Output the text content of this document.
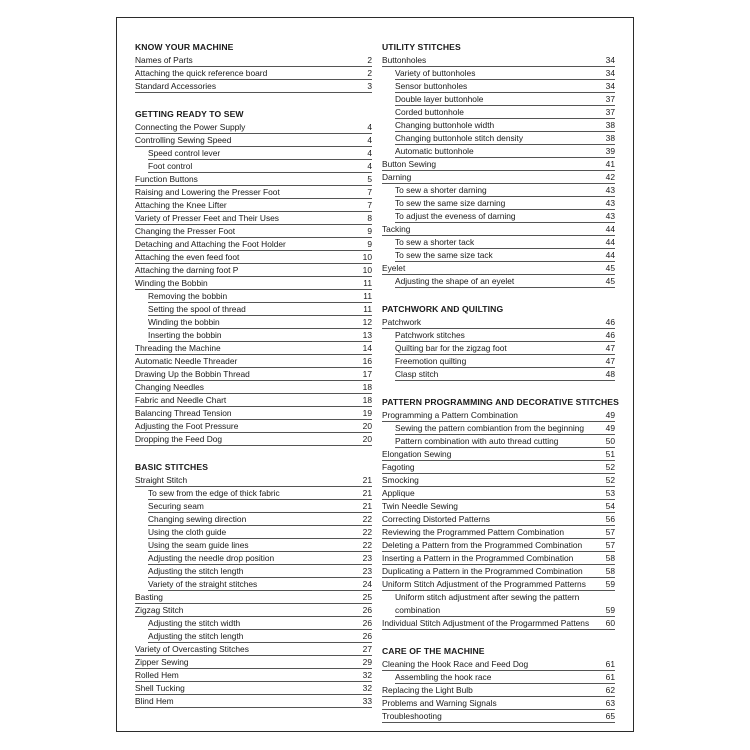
KNOW YOUR MACHINE
Names of Parts	2
Attaching the quick reference board	2
Standard Accessories	3
GETTING READY TO SEW
Connecting the Power Supply	4
Controlling Sewing Speed	4
Speed control lever	4
Foot control	4
Function Buttons	5
Raising and Lowering the Presser Foot	7
Attaching the Knee Lifter	7
Variety of Presser Feet and Their Uses	8
Changing the Presser Foot	9
Detaching and Attaching the Foot Holder	9
Attaching the even feed foot	10
Attaching the darning foot P	10
Winding the Bobbin	11
Removing the bobbin	11
Setting the spool of thread	11
Winding the bobbin	12
Inserting the bobbin	13
Threading the Machine	14
Automatic Needle Threader	16
Drawing Up the Bobbin Thread	17
Changing Needles	18
Fabric and Needle Chart	18
Balancing Thread Tension	19
Adjusting the Foot Pressure	20
Dropping the Feed Dog	20
BASIC STITCHES
Straight Stitch	21
To sew from the edge of thick fabric	21
Securing seam	21
Changing sewing direction	22
Using the cloth guide	22
Using the seam guide lines	22
Adjusting the needle drop position	23
Adjusting the stitch length	23
Variety of the straight stitches	24
Basting	25
Zigzag Stitch	26
Adjusting the stitch width	26
Adjusting the stitch length	26
Variety of Overcasting Stitches	27
Zipper Sewing	29
Rolled Hem	32
Shell Tucking	32
Blind Hem	33
UTILITY STITCHES
Buttonholes	34
Variety of buttonholes	34
Sensor buttonholes	34
Double layer buttonhole	37
Corded buttonhole	37
Changing buttonhole width	38
Changing buttonhole stitch density	38
Automatic buttonhole	39
Button Sewing	41
Darning	42
To sew a shorter darning	43
To sew the same size darning	43
To adjust the eveness of darning	43
Tacking	44
To sew a shorter tack	44
To sew the same size tack	44
Eyelet	45
Adjusting the shape of an eyelet	45
PATCHWORK AND QUILTING
Patchwork	46
Patchwork stitches	46
Quilting bar for the zigzag foot	47
Freemotion quilting	47
Clasp stitch	48
PATTERN PROGRAMMING AND DECORATIVE STITCHES
Programming a Pattern Combination	49
Sewing the pattern combiantion from the beginning	49
Pattern combination with auto thread cutting	50
Elongation Sewing	51
Fagoting	52
Smocking	52
Applique	53
Twin Needle Sewing	54
Correcting Distorted Patterns	56
Reviewing the Programmed Pattern Combination	57
Deleting a Pattern from the Programmed Combination	57
Inserting a Pattern in the Programmed Combination	58
Duplicating a Pattern in the Programmed Combination	58
Uniform Stitch Adjustment of the Programmed Patterns 59
Uniform stitch adjustment after sewing the pattern
combination	59
Individual Stitch Adjustment of the Progarmmed Pattens 60
CARE OF THE MACHINE
Cleaning the Hook Race and Feed Dog	61
Assembling the hook race	61
Replacing the Light Bulb	62
Problems and Warning Signals	63
Troubleshooting	65
